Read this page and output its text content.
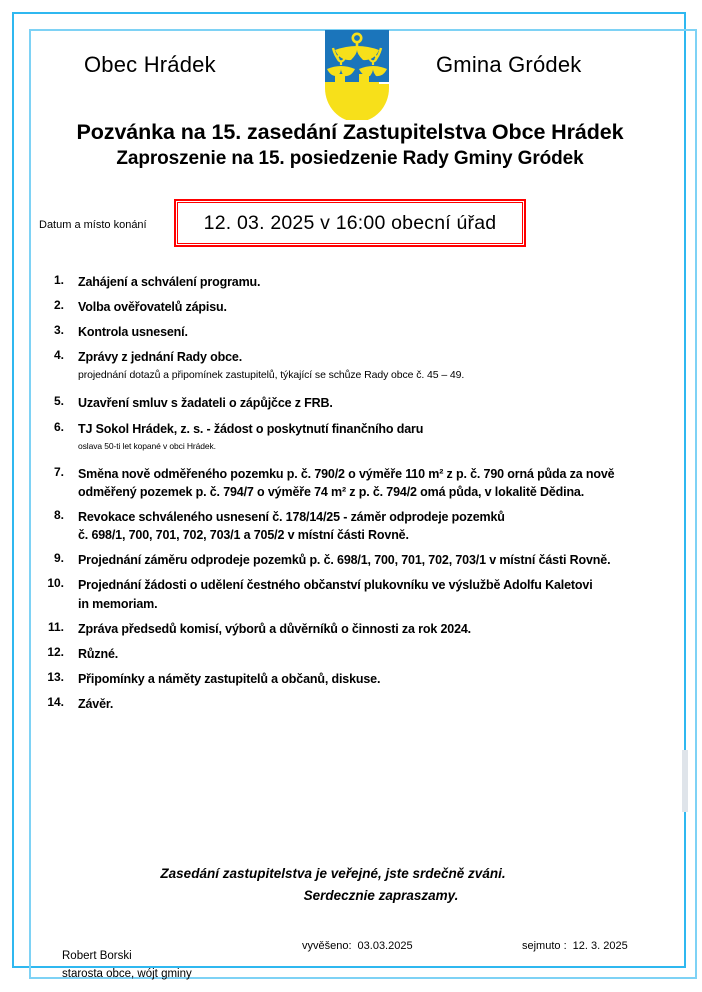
Obec Hrádek	Gmina Gródek
Pozvánka na 15. zasedání Zastupitelstva Obce Hrádek
Zaproszenie na 15. posiedzenie Rady Gminy Gródek
Datum a místo konání	12. 03. 2025 v 16:00 obecní úřad
1. Zahájení a schválení programu.
2. Volba ověřovatelů zápisu.
3. Kontrola usnesení.
4. Zprávy z jednání Rady obce.
projednání dotazů a připomínek zastupitelů, týkající se schůze Rady obce č. 45 – 49.
5. Uzavření smluv s žadateli o zápůjčce z FRB.
6. TJ Sokol Hrádek, z. s. - žádost o poskytnutí finančního daru
oslava 50-ti let kopané v obci Hrádek.
7. Směna nově odměřeného pozemku p. č. 790/2 o výměře 110 m² z p. č. 790 orná půda za nově
odměřený pozemek p. č. 794/7 o výměře 74 m² z p. č. 794/2 omá půda, v lokalitě Dědina.
8. Revokace schváleného usnesení č. 178/14/25 - záměr odprodeje pozemků
č. 698/1, 700, 701, 702, 703/1 a 705/2 v místní části Rovně.
9. Projednání záměru odprodeje pozemků p. č. 698/1, 700, 701, 702, 703/1 v místní části Rovně.
10. Projednání žádosti o udělení čestného občanství plukovníku ve výslužbě Adolfu Kaletovi
in memoriam.
11. Zpráva předsedů komisí, výborů a důvěrníků o činnosti za rok 2024.
12. Různé.
13. Připomínky a náměty zastupitelů a občanů, diskuse.
14. Závěr.
Zasedání zastupitelstva je veřejné, jste srdečně zváni.
Serdecznie zapraszamy.
Robert Borski
starosta obce, wójt gminy
vyvěšeno: 03.03.2025	sejmuto : 12. 3. 2025
